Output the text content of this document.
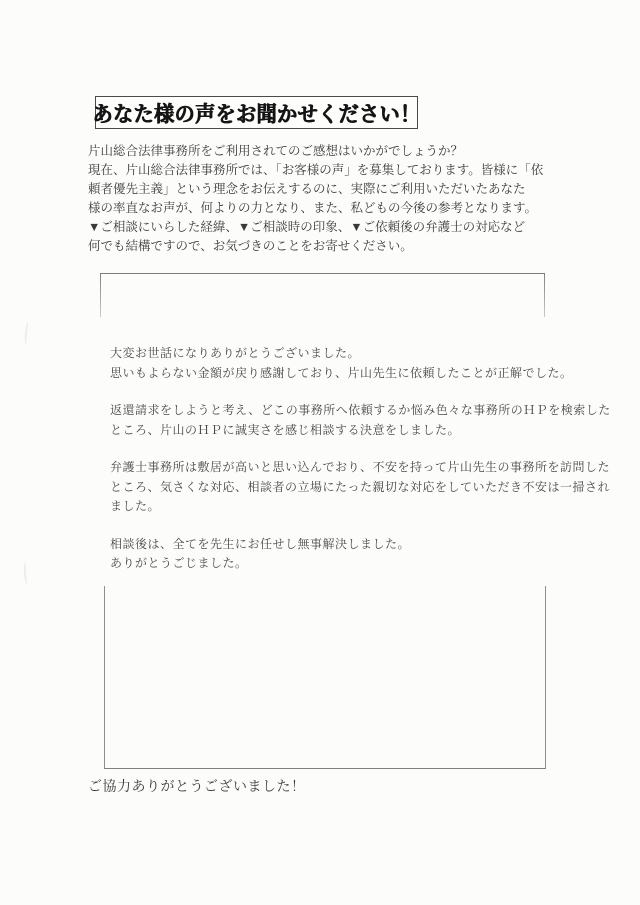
あなた様の声をお聞かせください！
片山総合法律事務所をご利用されてのご感想はいかがでしょうか？
現在、片山総合法律事務所では、「お客様の声」を募集しております。皆様に「依
頼者優先主義」という理念をお伝えするのに、実際にご利用いただいたあなた
様の率直なお声が、何よりの力となり、また、私どもの今後の参考となります。
▼ご相談にいらした経緯、▼ご相談時の印象、▼ご依頼後の弁護士の対応など
何でも結構ですので、お気づきのことをお寄せください。
大変お世話になりありがとうございました。
思いもよらない金額が戻り感謝しており、片山先生に依頼したことが正解でした。
返還請求をしようと考え、どこの事務所へ依頼するか悩み色々な事務所のＨＰを検索した
ところ、片山のＨＰに誠実さを感じ相談する決意をしました。
弁護士事務所は敷居が高いと思い込んでおり、不安を持って片山先生の事務所を訪問した
ところ、気さくな対応、相談者の立場にたった親切な対応をしていただき不安は一掃され
ました。
相談後は、全てを先生にお任せし無事解決しました。
ありがとうごじました。
ご協力ありがとうございました！
